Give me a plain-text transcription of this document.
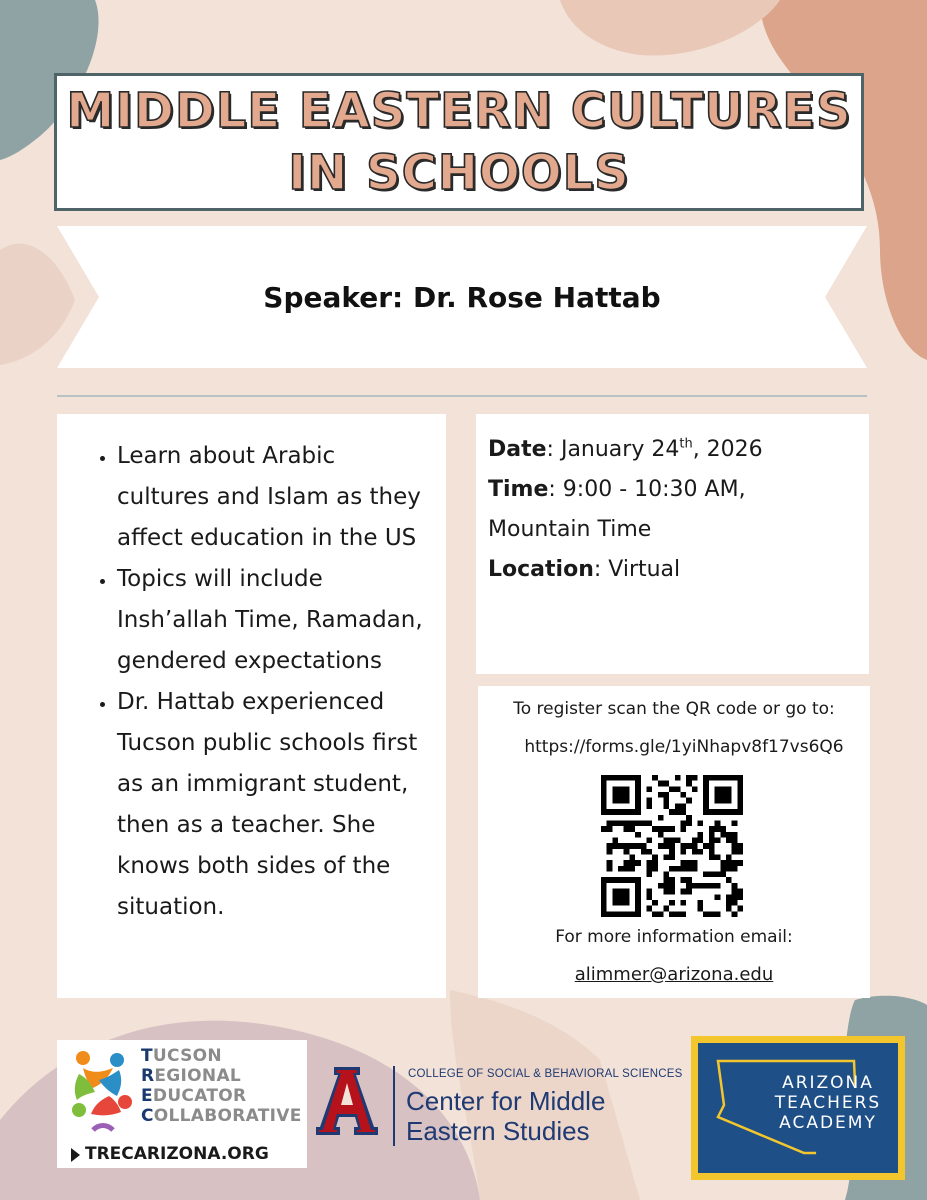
MIDDLE EASTERN CULTURES
IN SCHOOLS
Speaker: Dr. Rose Hattab
• Learn about Arabic cultures and Islam as they affect education in the US
• Topics will include Insh’allah Time, Ramadan, gendered expectations
• Dr. Hattab experienced Tucson public schools first as an immigrant student, then as a teacher. She knows both sides of the situation.
Date: January 24th, 2026
Time: 9:00 - 10:30 AM,
Mountain Time
Location: Virtual
To register scan the QR code or go to:
https://forms.gle/1yiNhapv8f17vs6Q6
For more information email:
alimmer@arizona.edu
TUCSON
REGIONAL
EDUCATOR
COLLABORATIVE
TRECARIZONA.ORG
COLLEGE OF SOCIAL & BEHAVIORAL SCIENCES
Center for Middle
Eastern Studies
ARIZONA
TEACHERS
ACADEMY
